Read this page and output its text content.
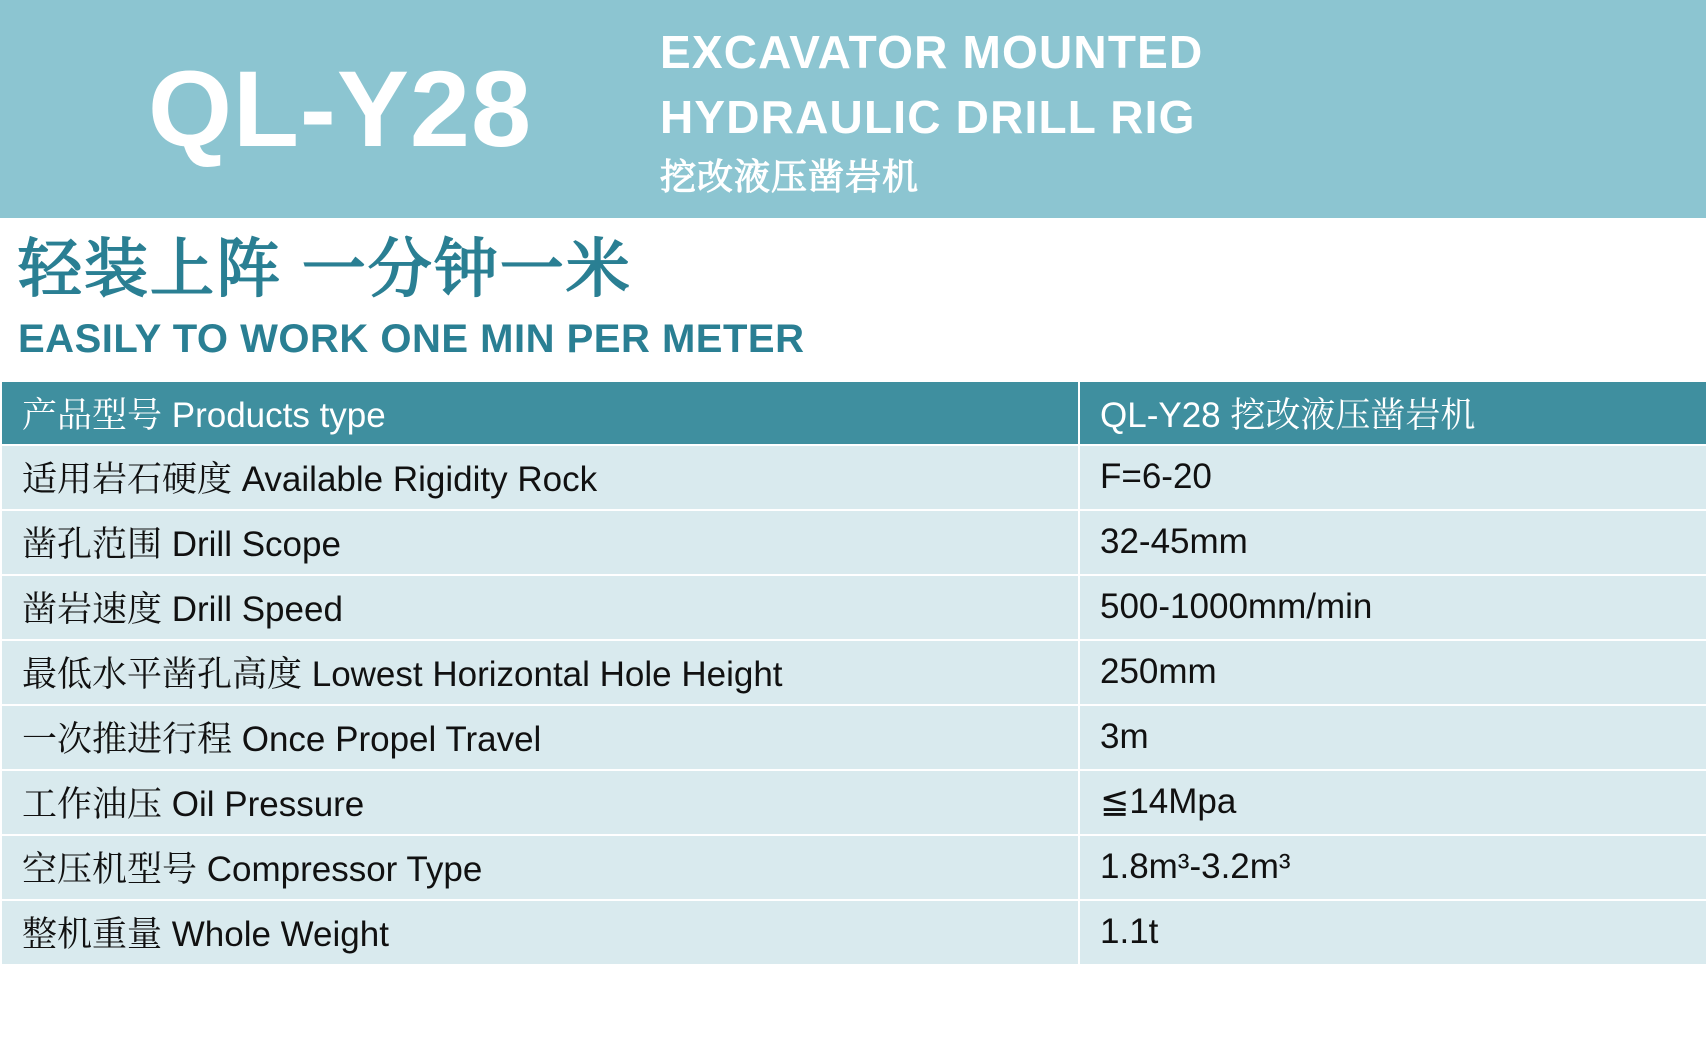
QL-Y28	EXCAVATOR MOUNTED
HYDRAULIC DRILL RIG
挖改液压凿岩机
轻装上阵 一分钟一米
EASILY TO WORK ONE MIN PER METER
产品型号 Products type	QL-Y28 挖改液压凿岩机
适用岩石硬度 Available Rigidity Rock	F=6-20
凿孔范围 Drill Scope	32-45mm
凿岩速度 Drill Speed	500-1000mm/min
最低水平凿孔高度 Lowest Horizontal Hole Height	250mm
一次推进行程 Once Propel Travel	3m
工作油压 Oil Pressure	≦14Mpa
空压机型号 Compressor Type	1.8m³-3.2m³
整机重量 Whole Weight	1.1t
